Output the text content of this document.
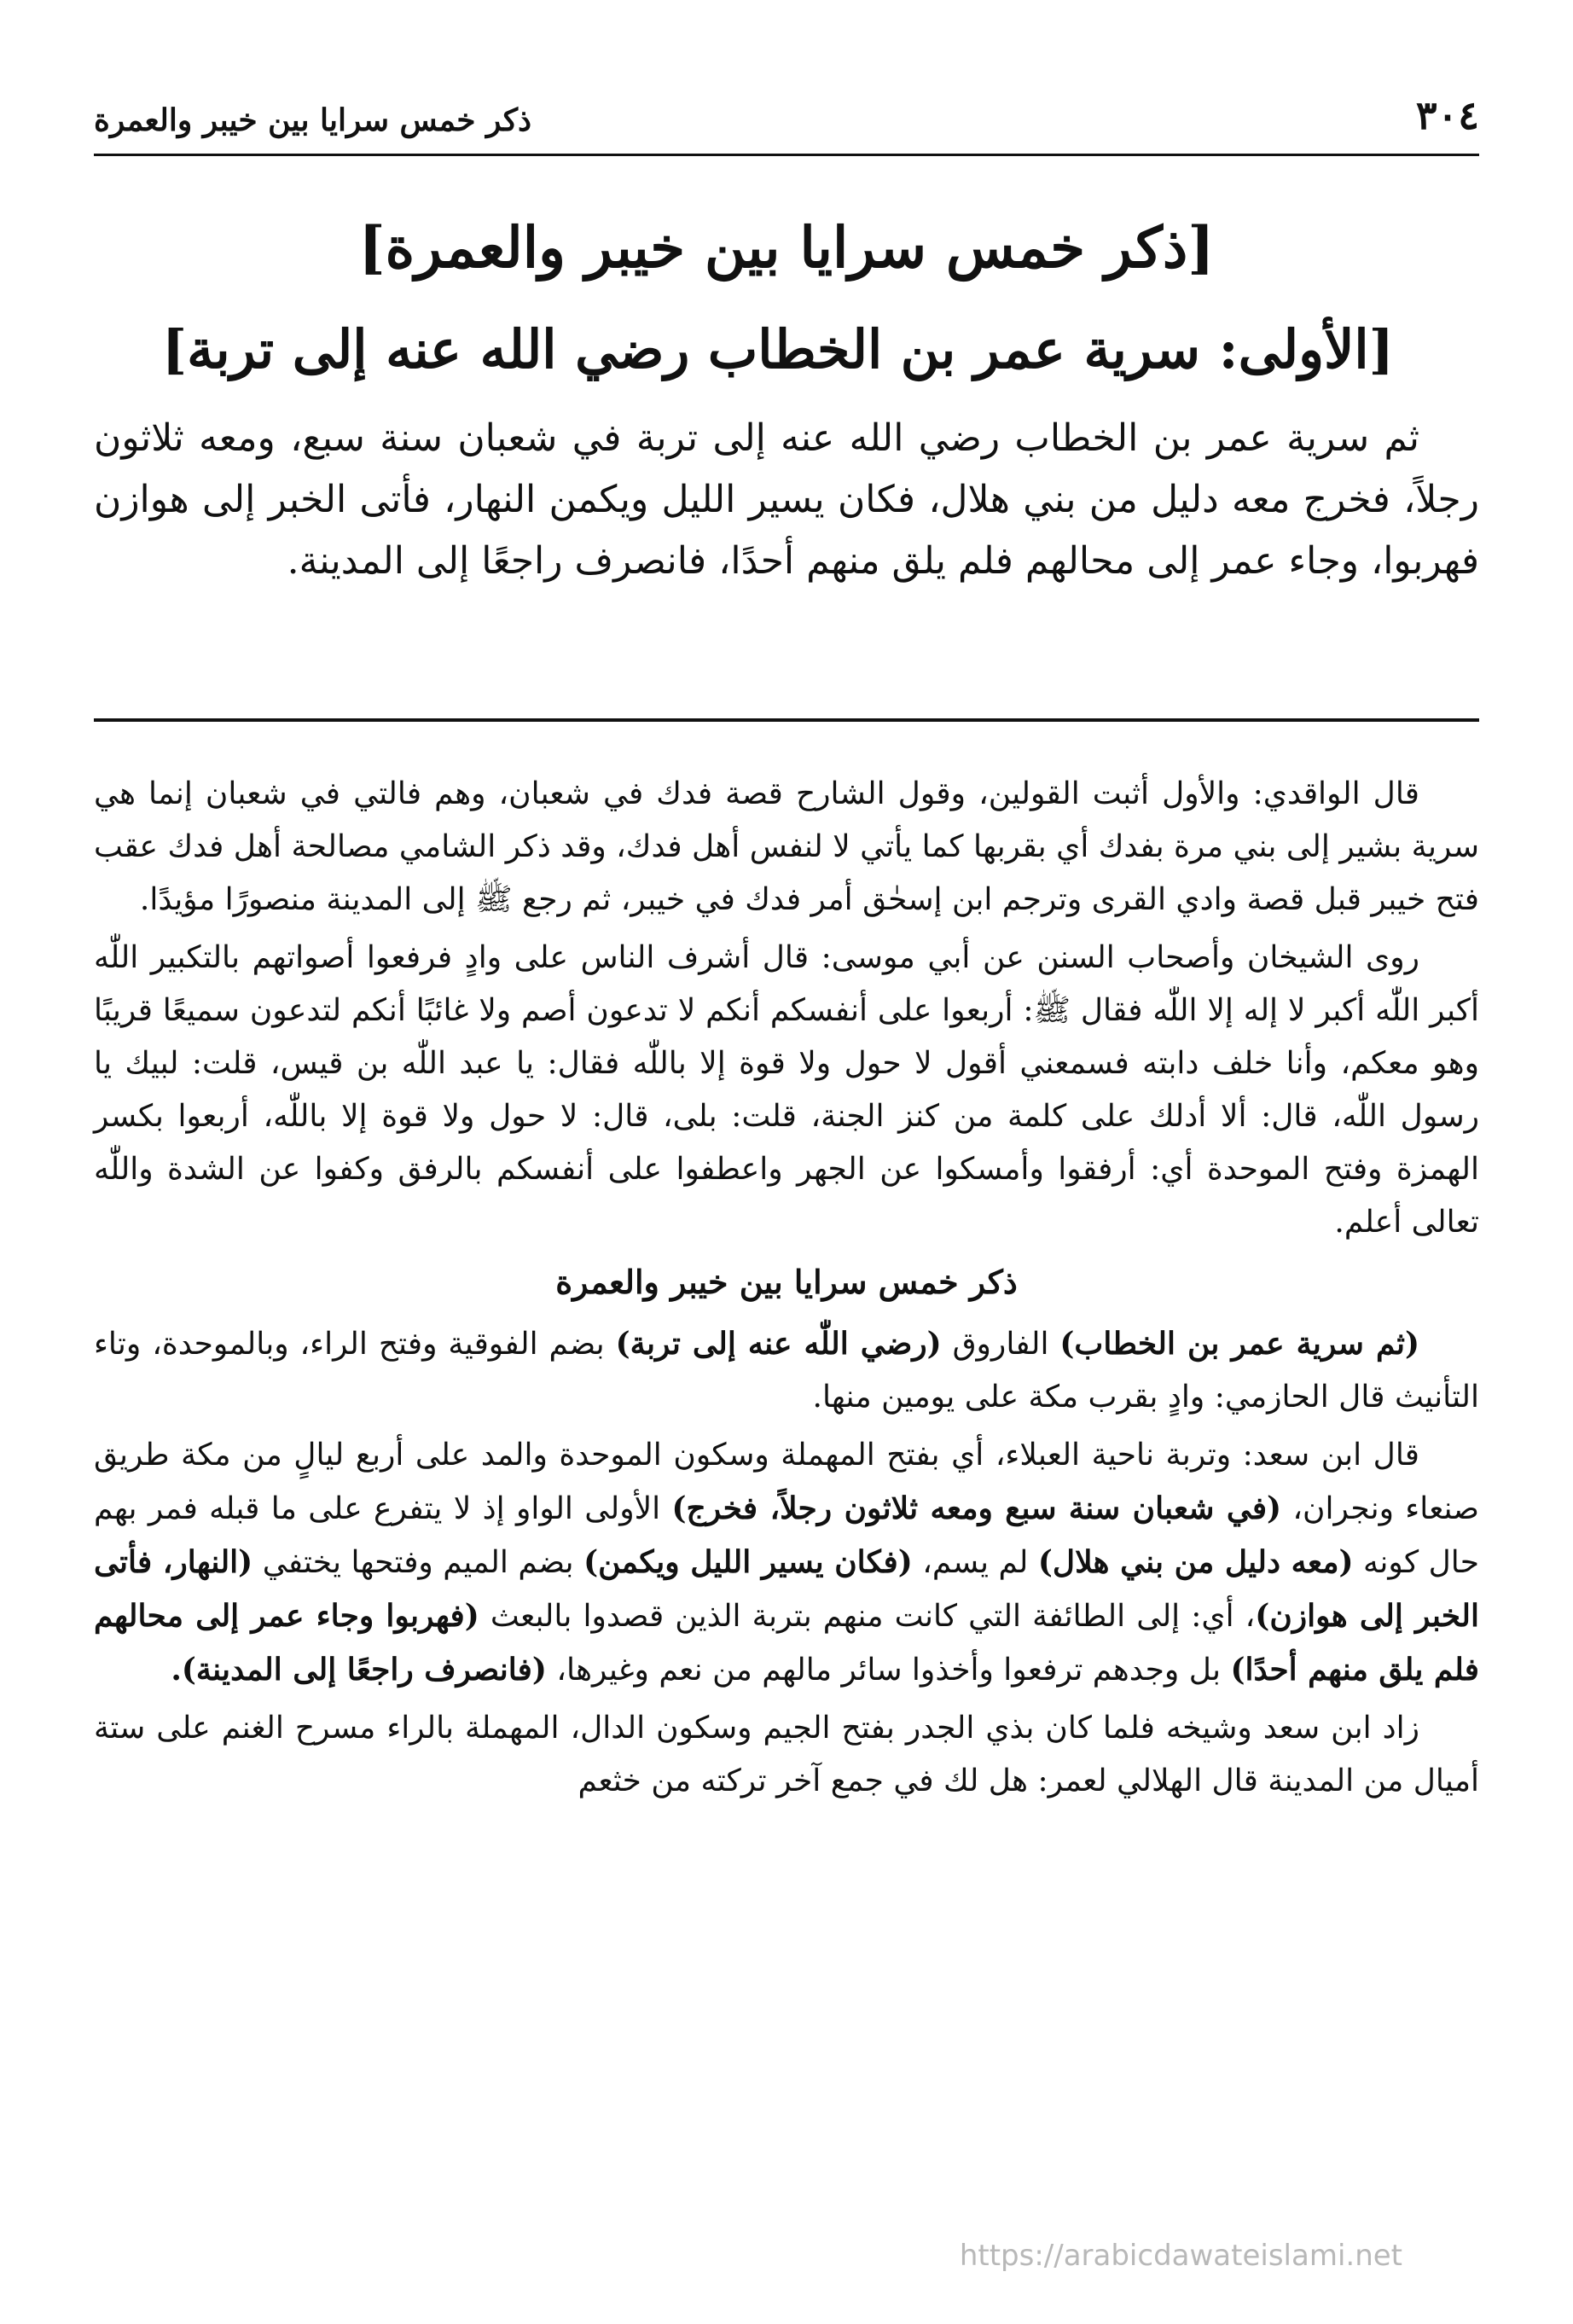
٣٠٤
ذكر خمس سرايا بين خيبر والعمرة
[ذكر خمس سرايا بين خيبر والعمرة]
[الأولى: سرية عمر بن الخطاب رضي الله عنه إلى تربة]

ثم سرية عمر بن الخطاب رضي الله عنه إلى تربة في شعبان سنة سبع، ومعه ثلاثون رجلاً، فخرج معه دليل من بني هلال، فكان يسير الليل ويكمن النهار، فأتى الخبر إلى هوازن فهربوا، وجاء عمر إلى محالهم فلم يلق منهم أحدًا، فانصرف راجعًا إلى المدينة.

قال الواقدي: والأول أثبت القولين، وقول الشارح قصة فدك في شعبان، وهم فالتي في شعبان إنما هي سرية بشير إلى بني مرة بفدك أي بقربها كما يأتي لا لنفس أهل فدك، وقد ذكر الشامي مصالحة أهل فدك عقب فتح خيبر قبل قصة وادي القرى وترجم ابن إسحٰق أمر فدك في خيبر، ثم رجع ﷺ إلى المدينة منصورًا مؤيدًا.

روى الشيخان وأصحاب السنن عن أبي موسى: قال أشرف الناس على وادٍ فرفعوا أصواتهم بالتكبير اللّٰه أكبر اللّٰه أكبر لا إله إلا اللّٰه فقال ﷺ: أربعوا على أنفسكم أنكم لا تدعون أصم ولا غائبًا أنكم لتدعون سميعًا قريبًا وهو معكم، وأنا خلف دابته فسمعني أقول لا حول ولا قوة إلا باللّٰه فقال: يا عبد اللّٰه بن قيس، قلت: لبيك يا رسول اللّٰه، قال: ألا أدلك على كلمة من كنز الجنة، قلت: بلى، قال: لا حول ولا قوة إلا باللّٰه، أربعوا بكسر الهمزة وفتح الموحدة أي: أرفقوا وأمسكوا عن الجهر واعطفوا على أنفسكم بالرفق وكفوا عن الشدة واللّٰه تعالى أعلم.

ذكر خمس سرايا بين خيبر والعمرة

(ثم سرية عمر بن الخطاب) الفاروق (رضي اللّٰه عنه إلى تربة) بضم الفوقية وفتح الراء، وبالموحدة، وتاء التأنيث قال الحازمي: وادٍ بقرب مكة على يومين منها.

قال ابن سعد: وتربة ناحية العبلاء، أي بفتح المهملة وسكون الموحدة والمد على أربع ليالٍ من مكة طريق صنعاء ونجران، (في شعبان سنة سبع ومعه ثلاثون رجلاً، فخرج) الأولى الواو إذ لا يتفرع على ما قبله فمر بهم حال كونه (معه دليل من بني هلال) لم يسم، (فكان يسير الليل ويكمن) بضم الميم وفتحها يختفي (النهار، فأتى الخبر إلى هوازن)، أي: إلى الطائفة التي كانت منهم بتربة الذين قصدوا بالبعث (فهربوا وجاء عمر إلى محالهم فلم يلق منهم أحدًا) بل وجدهم ترفعوا وأخذوا سائر مالهم من نعم وغيرها، (فانصرف راجعًا إلى المدينة).

زاد ابن سعد وشيخه فلما كان بذي الجدر بفتح الجيم وسكون الدال، المهملة بالراء مسرح الغنم على ستة أميال من المدينة قال الهلالي لعمر: هل لك في جمع آخر تركته من خثعم

https://arabicdawateislami.net
